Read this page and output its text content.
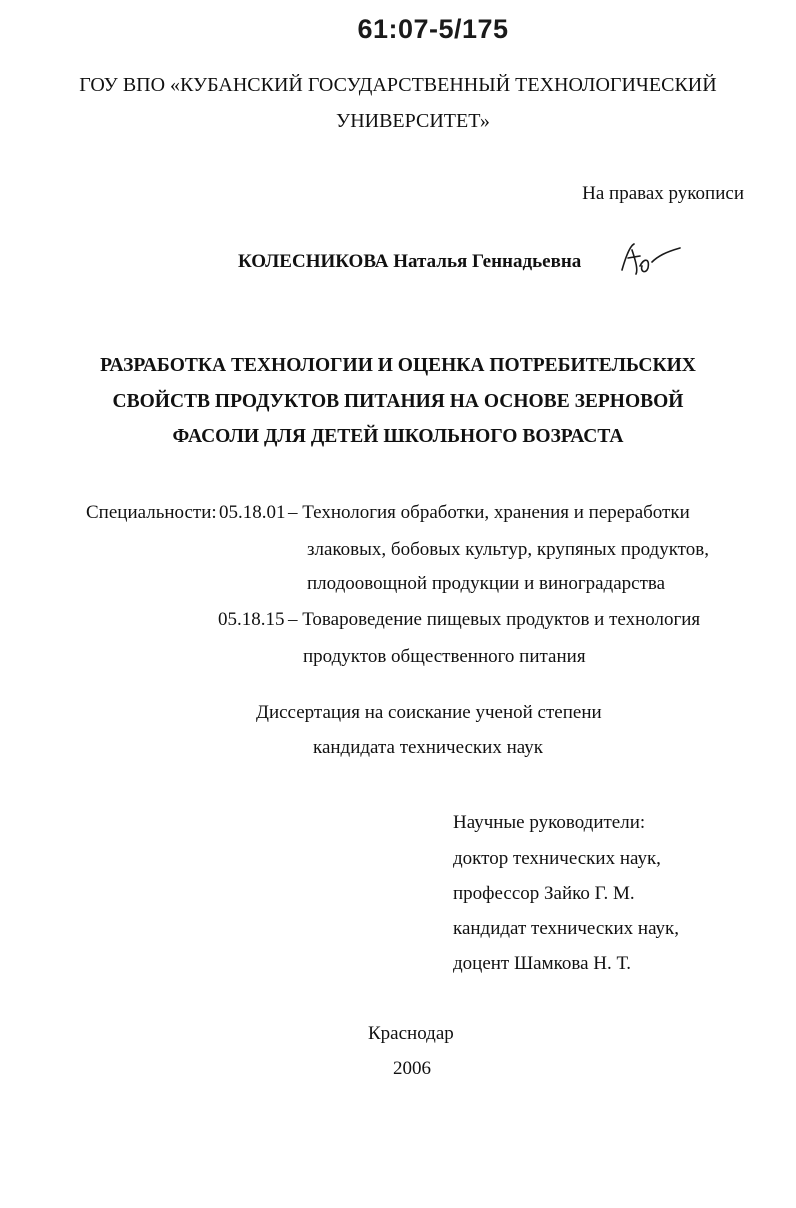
61:07-5/175
ГОУ ВПО «КУБАНСКИЙ ГОСУДАРСТВЕННЫЙ ТЕХНОЛОГИЧЕСКИЙ
УНИВЕРСИТЕТ»
На правах рукописи
КОЛЕСНИКОВА Наталья Геннадьевна
РАЗРАБОТКА ТЕХНОЛОГИИ И ОЦЕНКА ПОТРЕБИТЕЛЬСКИХ
СВОЙСТВ ПРОДУКТОВ ПИТАНИЯ НА ОСНОВЕ ЗЕРНОВОЙ
ФАСОЛИ ДЛЯ ДЕТЕЙ ШКОЛЬНОГО ВОЗРАСТА
Специальности: 05.18.01 – Технология обработки, хранения и переработки
злаковых, бобовых культур, крупяных продуктов,
плодоовощной продукции и виноградарства
05.18.15 – Товароведение пищевых продуктов и технология
продуктов общественного питания
Диссертация на соискание ученой степени
кандидата технических наук
Научные руководители:
доктор технических наук,
профессор Зайко Г. М.
кандидат технических наук,
доцент Шамкова Н. Т.
Краснодар
2006
